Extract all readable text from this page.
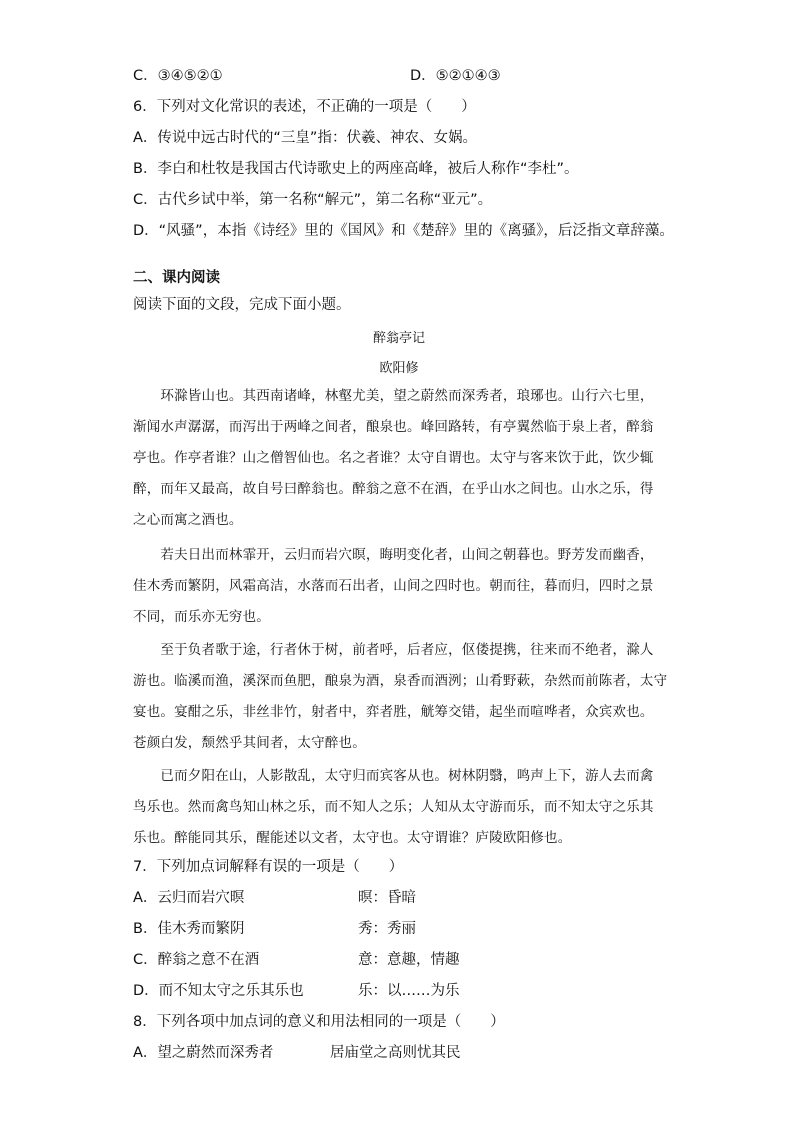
C．③④⑤②①	D．⑤②①④③
6．下列对文化常识的表述，不正确的一项是（　　）
A．传说中远古时代的“三皇”指：伏羲、神农、女娲。
B．李白和杜牧是我国古代诗歌史上的两座高峰，被后人称作“李杜”。
C．古代乡试中举，第一名称“解元”，第二名称“亚元”。
D．“风骚”，本指《诗经》里的《国风》和《楚辞》里的《离骚》，后泛指文章辞藻。
二、课内阅读
阅读下面的文段，完成下面小题。
醉翁亭记
欧阳修
　　环滁皆山也。其西南诸峰，林壑尤美，望之蔚然而深秀者，琅琊也。山行六七里，
渐闻水声潺潺，而泻出于两峰之间者，酿泉也。峰回路转，有亭翼然临于泉上者，醉翁
亭也。作亭者谁？山之僧智仙也。名之者谁？太守自谓也。太守与客来饮于此，饮少辄
醉，而年又最高，故自号曰醉翁也。醉翁之意不在酒，在乎山水之间也。山水之乐，得
之心而寓之酒也。
　　若夫日出而林霏开，云归而岩穴暝，晦明变化者，山间之朝暮也。野芳发而幽香，
佳木秀而繁阴，风霜高洁，水落而石出者，山间之四时也。朝而往，暮而归，四时之景
不同，而乐亦无穷也。
　　至于负者歌于途，行者休于树，前者呼，后者应，伛偻提携，往来而不绝者，滁人
游也。临溪而渔，溪深而鱼肥，酿泉为酒，泉香而酒洌；山肴野蔌，杂然而前陈者，太守
宴也。宴酣之乐，非丝非竹，射者中，弈者胜，觥筹交错，起坐而喧哗者，众宾欢也。
苍颜白发，颓然乎其间者，太守醉也。
　　已而夕阳在山，人影散乱，太守归而宾客从也。树林阴翳，鸣声上下，游人去而禽
鸟乐也。然而禽鸟知山林之乐，而不知人之乐；人知从太守游而乐，而不知太守之乐其
乐也。醉能同其乐，醒能述以文者，太守也。太守谓谁？庐陵欧阳修也。
7．下列加点词解释有误的一项是（　　）
A．云归而岩穴暝	暝：昏暗
B．佳木秀而繁阴	秀：秀丽
C．醉翁之意不在酒	意：意趣，情趣
D．而不知太守之乐其乐也	乐：以……为乐
8．下列各项中加点词的意义和用法相同的一项是（　　）
A．望之蔚然而深秀者	居庙堂之高则忧其民
